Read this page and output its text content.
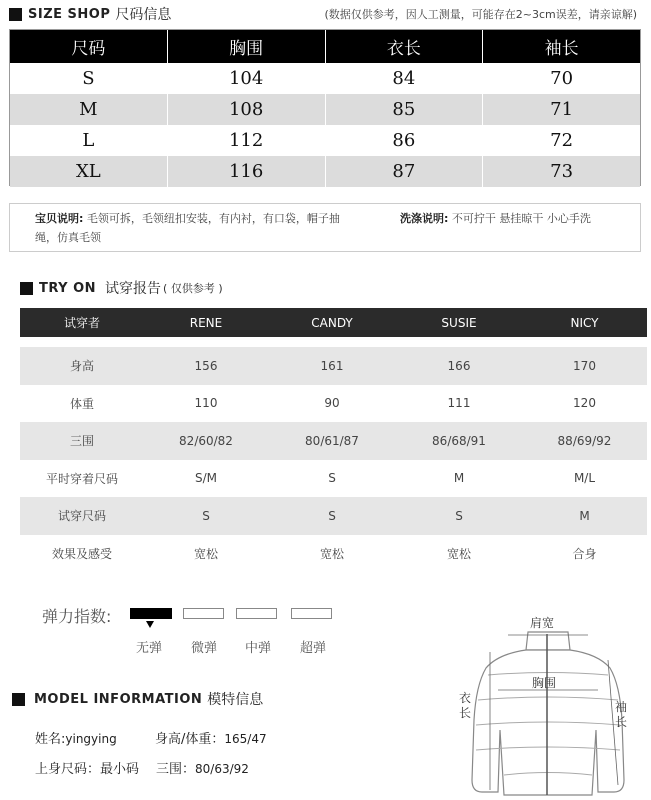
SIZE SHOP 尺码信息	(数据仅供参考，因人工测量，可能存在2~3cm误差，请亲谅解)
尺码	胸围	衣长	袖长
S	104	84	70
M	108	85	71
L	112	86	72
XL	116	87	73
宝贝说明: 毛领可拆，毛领纽扣安装，有内衬，有口袋，帽子抽
绳，仿真毛领
洗涤说明: 不可拧干 悬挂晾干 小心手洗
TRY ON 试穿报告 ( 仅供参考 )
试穿者	RENE	CANDY	SUSIE	NICY
身高	156	161	166	170
体重	110	90	111	120
三围	82/60/82	80/61/87	86/68/91	88/69/92
平时穿着尺码	S/M	S	M	M/L
试穿尺码	S	S	S	M
效果及感受	宽松	宽松	宽松	合身
弹力指数:
无弹 微弹 中弹 超弹
MODEL INFORMATION 模特信息
姓名:yingying	身高/体重：165/47
上身尺码：最小码 三围：80/63/92
肩宽
胸围
衣长	袖长
